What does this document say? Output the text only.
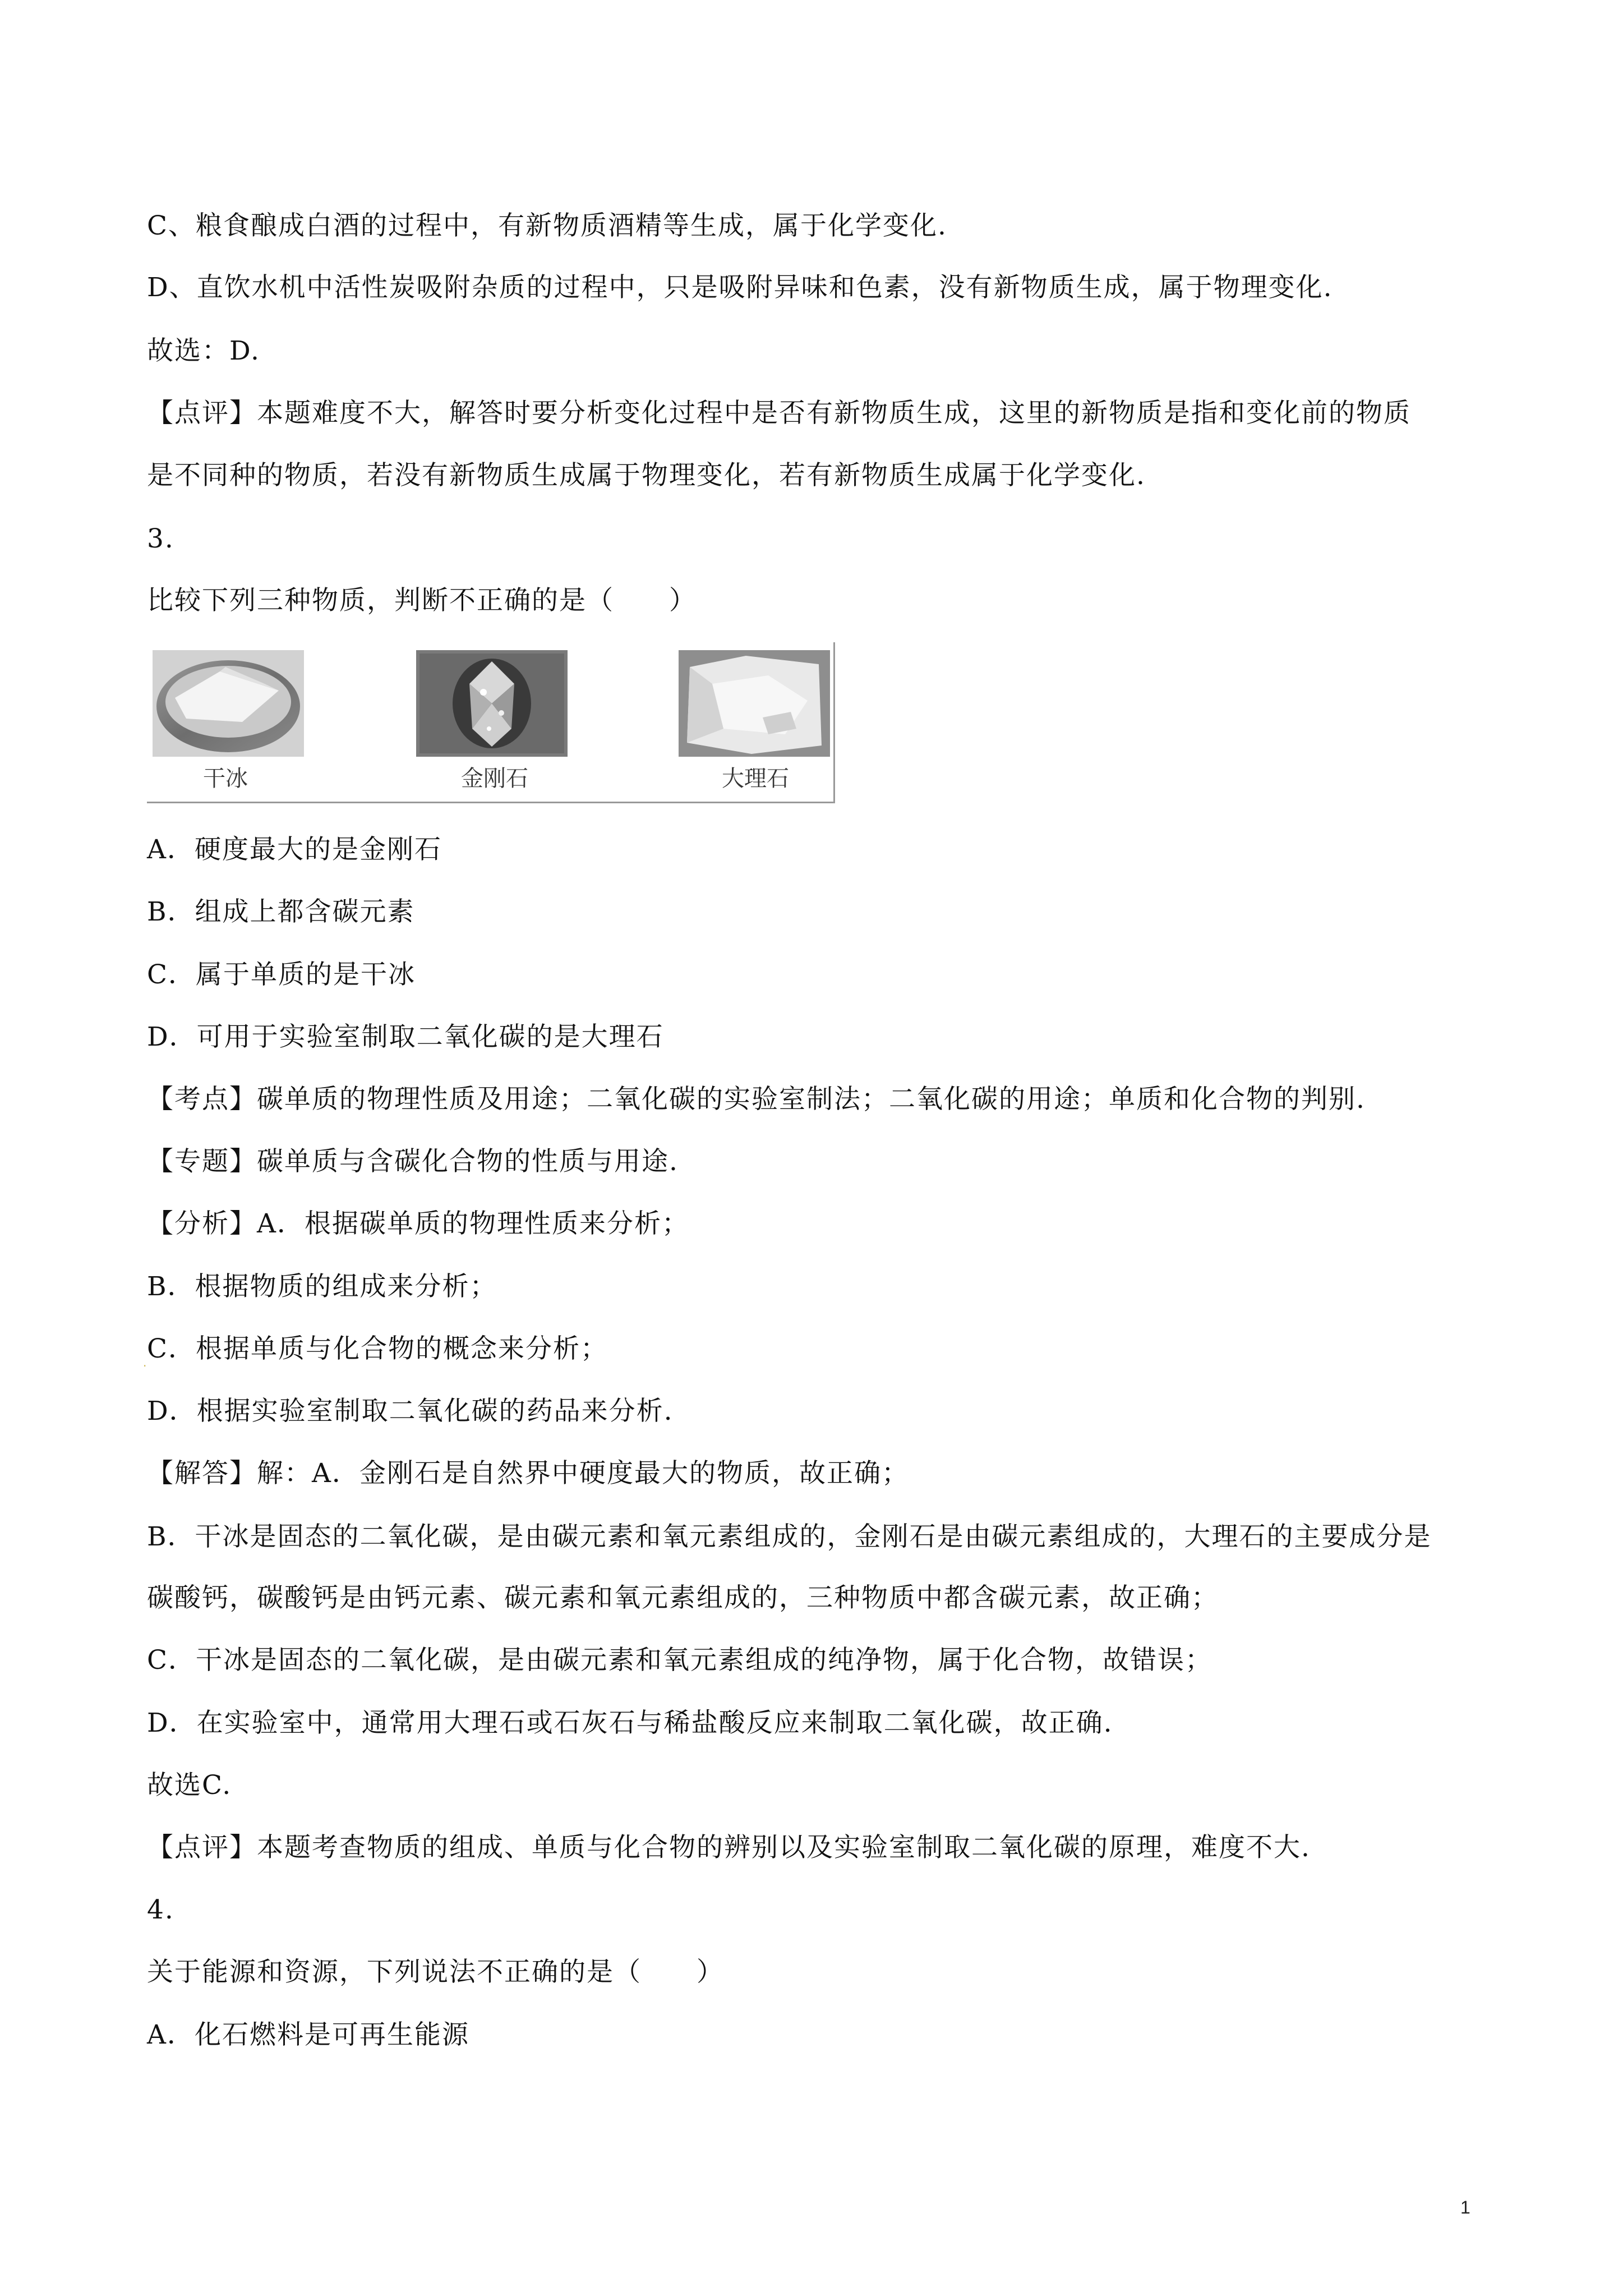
C、粮食酿成白酒的过程中，有新物质酒精等生成，属于化学变化.
D、直饮水机中活性炭吸附杂质的过程中，只是吸附异味和色素，没有新物质生成，属于物理变化.
故选：D.
【点评】本题难度不大，解答时要分析变化过程中是否有新物质生成，这里的新物质是指和变化前的物质
是不同种的物质，若没有新物质生成属于物理变化，若有新物质生成属于化学变化.
3.
比较下列三种物质，判断不正确的是（　　）
干冰	金刚石	大理石
A．硬度最大的是金刚石
B．组成上都含碳元素
C．属于单质的是干冰
D．可用于实验室制取二氧化碳的是大理石
【考点】碳单质的物理性质及用途；二氧化碳的实验室制法；二氧化碳的用途；单质和化合物的判别.
【专题】碳单质与含碳化合物的性质与用途.
【分析】A．根据碳单质的物理性质来分析；
B．根据物质的组成来分析；
·
C．根据单质与化合物的概念来分析；
D．根据实验室制取二氧化碳的药品来分析.
【解答】解：A．金刚石是自然界中硬度最大的物质，故正确；
B．干冰是固态的二氧化碳，是由碳元素和氧元素组成的，金刚石是由碳元素组成的，大理石的主要成分是
碳酸钙，碳酸钙是由钙元素、碳元素和氧元素组成的，三种物质中都含碳元素，故正确；
C．干冰是固态的二氧化碳，是由碳元素和氧元素组成的纯净物，属于化合物，故错误；
D．在实验室中，通常用大理石或石灰石与稀盐酸反应来制取二氧化碳，故正确.
故选C.
【点评】本题考查物质的组成、单质与化合物的辨别以及实验室制取二氧化碳的原理，难度不大.
4.
关于能源和资源，下列说法不正确的是（　　）
A．化石燃料是可再生能源
1
